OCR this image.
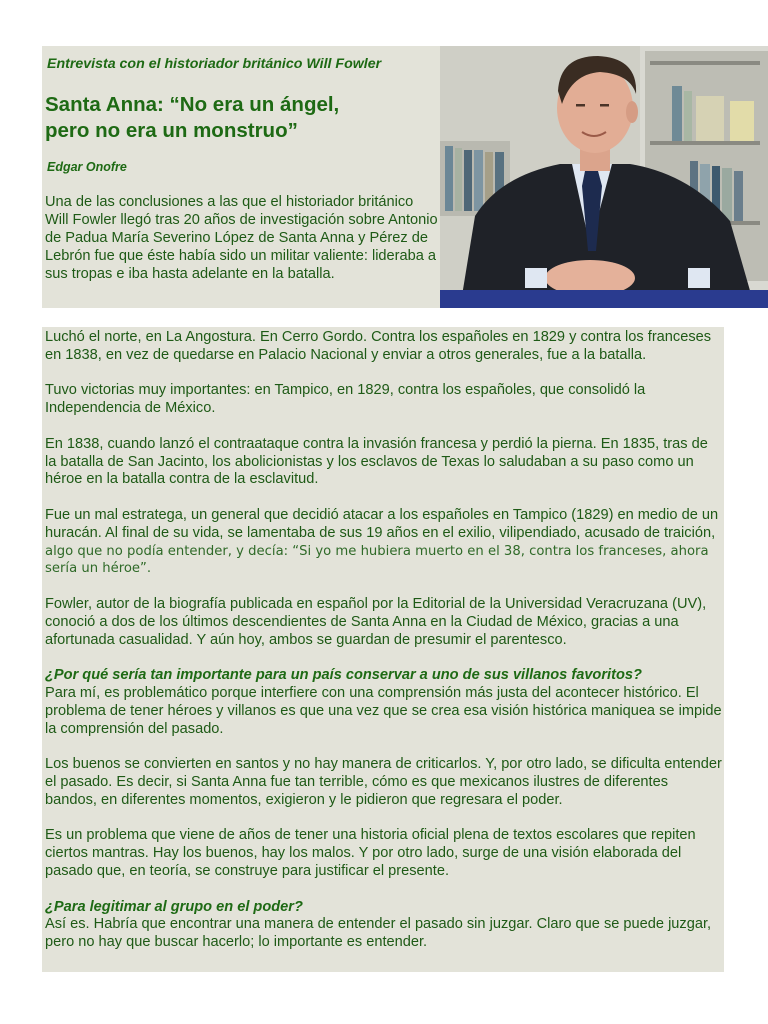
Entrevista con el historiador británico Will Fowler
Santa Anna: “No era un ángel,
pero no era un monstruo”
Edgar Onofre

Una de las conclusiones a las que el historiador británico Will Fowler llegó tras 20 años de investigación sobre Antonio de Padua María Severino López de Santa Anna y Pérez de Lebrón fue que éste había sido un militar valiente: lideraba a sus tropas e iba hasta adelante en la batalla.

Luchó el norte, en La Angostura. En Cerro Gordo. Contra los españoles en 1829 y contra los franceses en 1838, en vez de quedarse en Palacio Nacional y enviar a otros generales, fue a la batalla.

Tuvo victorias muy importantes: en Tampico, en 1829, contra los españoles, que consolidó la Independencia de México.

En 1838, cuando lanzó el contraataque contra la invasión francesa y perdió la pierna. En 1835, tras de la batalla de San Jacinto, los abolicionistas y los esclavos de Texas lo saludaban a su paso como un héroe en la batalla contra de la esclavitud.

Fue un mal estratega, un general que decidió atacar a los españoles en Tampico (1829) en medio de un huracán. Al final de su vida, se lamentaba de sus 19 años en el exilio, vilipendiado, acusado de traición, algo que no podía entender, y decía: “Si yo me hubiera muerto en el 38, contra los franceses, ahora sería un héroe”.

Fowler, autor de la biografía publicada en español por la Editorial de la Universidad Veracruzana (UV), conoció a dos de los últimos descendientes de Santa Anna en la Ciudad de México, gracias a una afortunada casualidad. Y aún hoy, ambos se guardan de presumir el parentesco.

¿Por qué sería tan importante para un país conservar a uno de sus villanos favoritos?

Para mí, es problemático porque interfiere con una comprensión más justa del acontecer histórico. El problema de tener héroes y villanos es que una vez que se crea esa visión histórica maniquea se impide la comprensión del pasado.

Los buenos se convierten en santos y no hay manera de criticarlos. Y, por otro lado, se dificulta entender el pasado. Es decir, si Santa Anna fue tan terrible, cómo es que mexicanos ilustres de diferentes bandos, en diferentes momentos, exigieron y le pidieron que regresara el poder.

Es un problema que viene de años de tener una historia oficial plena de textos escolares que repiten ciertos mantras. Hay los buenos, hay los malos. Y por otro lado, surge de una visión elaborada del pasado que, en teoría, se construye para justificar el presente.

¿Para legitimar al grupo en el poder?

Así es. Habría que encontrar una manera de entender el pasado sin juzgar. Claro que se puede juzgar, pero no hay que buscar hacerlo; lo importante es entender.
